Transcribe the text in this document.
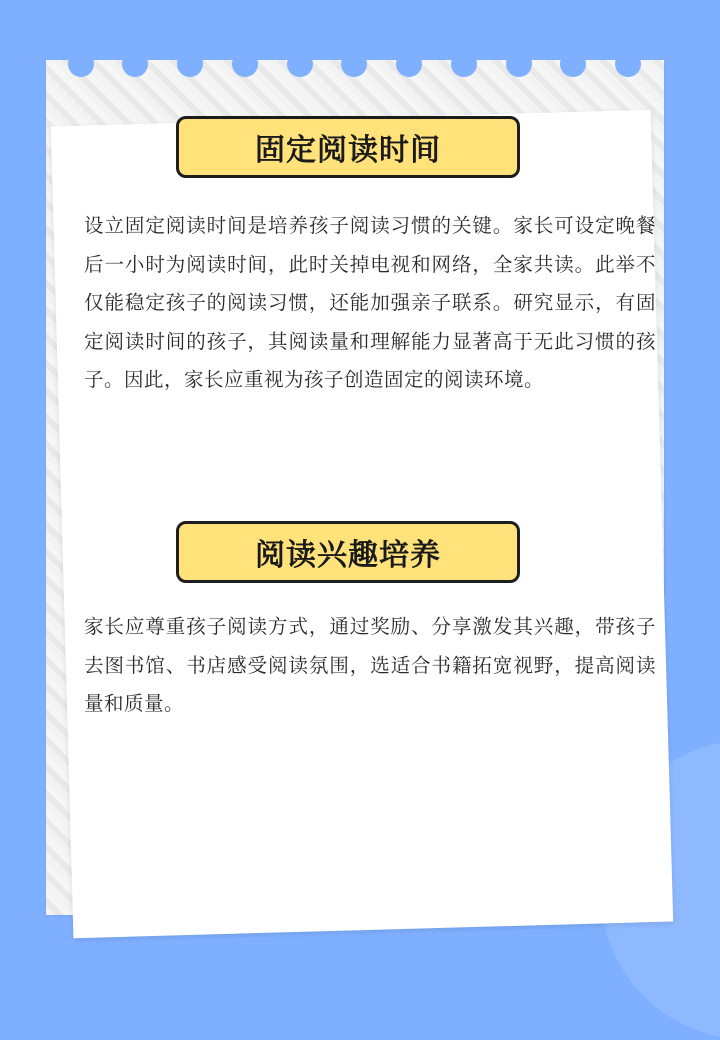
固定阅读时间
设立固定阅读时间是培养孩子阅读习惯的关键。家长可设定晚餐后一小时为阅读时间，此时关掉电视和网络，全家共读。此举不仅能稳定孩子的阅读习惯，还能加强亲子联系。研究显示，有固定阅读时间的孩子，其阅读量和理解能力显著高于无此习惯的孩子。因此，家长应重视为孩子创造固定的阅读环境。
阅读兴趣培养
家长应尊重孩子阅读方式，通过奖励、分享激发其兴趣，带孩子去图书馆、书店感受阅读氛围，选适合书籍拓宽视野，提高阅读量和质量。
